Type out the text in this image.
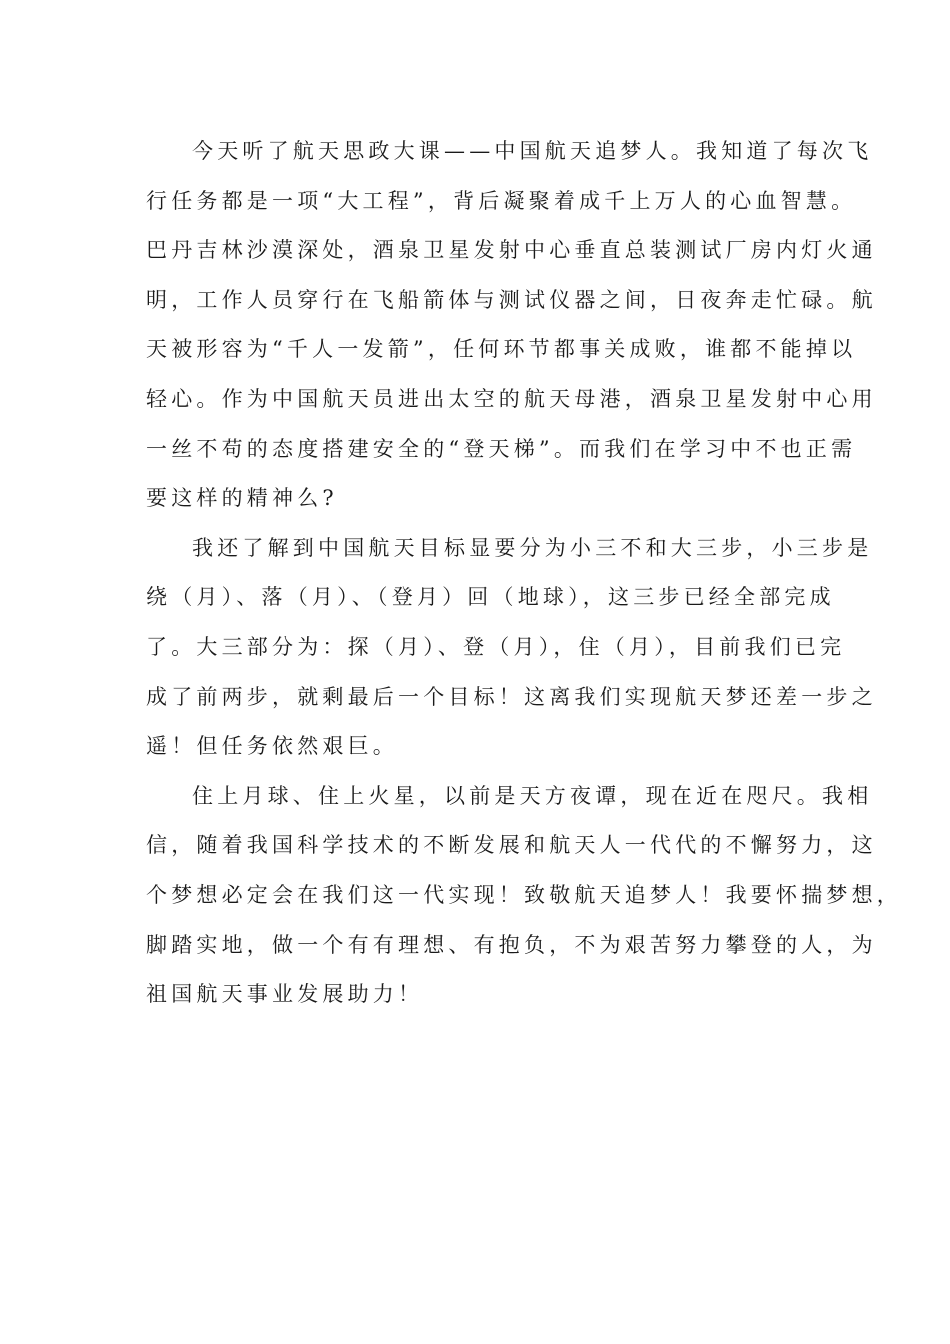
今天听了航天思政大课——中国航天追梦人。我知道了每次飞
行任务都是一项“大工程”，背后凝聚着成千上万人的心血智慧。
巴丹吉林沙漠深处，酒泉卫星发射中心垂直总装测试厂房内灯火通
明，工作人员穿行在飞船箭体与测试仪器之间，日夜奔走忙碌。航
天被形容为“千人一发箭”，任何环节都事关成败，谁都不能掉以
轻心。作为中国航天员进出太空的航天母港，酒泉卫星发射中心用
一丝不苟的态度搭建安全的“登天梯”。而我们在学习中不也正需
要这样的精神么?
我还了解到中国航天目标显要分为小三不和大三步，小三步是
绕（月）、落（月）、（登月）回（地球），这三步已经全部完成
了。大三部分为：探（月）、登（月），住（月），目前我们已完
成了前两步，就剩最后一个目标！这离我们实现航天梦还差一步之
遥！但任务依然艰巨。
住上月球、住上火星，以前是天方夜谭，现在近在咫尺。我相
信，随着我国科学技术的不断发展和航天人一代代的不懈努力，这
个梦想必定会在我们这一代实现！致敬航天追梦人！我要怀揣梦想，
脚踏实地，做一个有有理想、有抱负，不为艰苦努力攀登的人，为
祖国航天事业发展助力！
